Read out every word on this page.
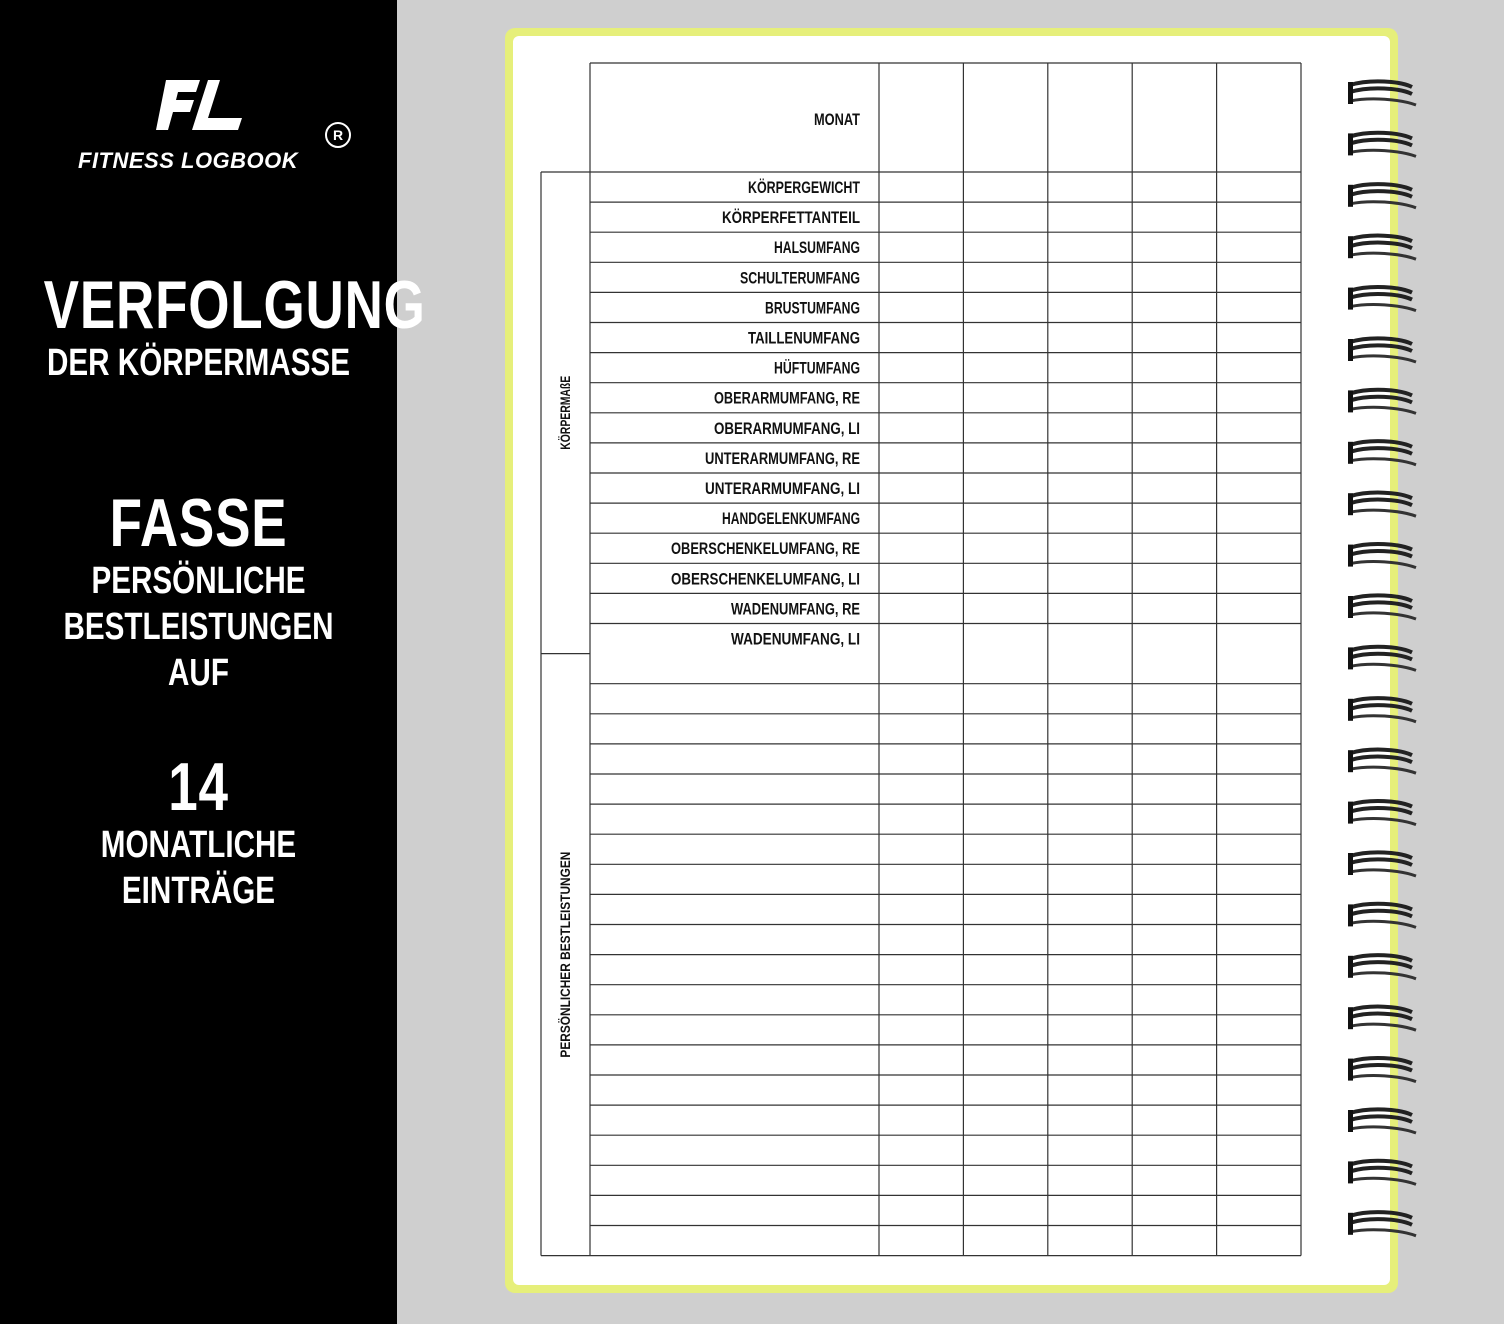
FITNESS LOGBOOK
R
VERFOLGUNG
DER KÖRPERMASSE
FASSE
PERSÖNLICHE
BESTLEISTUNGEN AUF
14
MONATLICHE
EINTRÄGE
MONAT
KÖRPERGEWICHT
KÖRPERFETTANTEIL
HALSUMFANG
SCHULTERUMFANG
BRUSTUMFANG
TAILLENUMFANG
HÜFTUMFANG
OBERARMUMFANG, RE
OBERARMUMFANG, LI
UNTERARMUMFANG, RE
UNTERARMUMFANG, LI
HANDGELENKUMFANG
OBERSCHENKELUMFANG, RE
OBERSCHENKELUMFANG, LI
WADENUMFANG, RE
WADENUMFANG, LI
KÖRPERMAßE
PERSÖNLICHER BESTLEISTUNGEN
